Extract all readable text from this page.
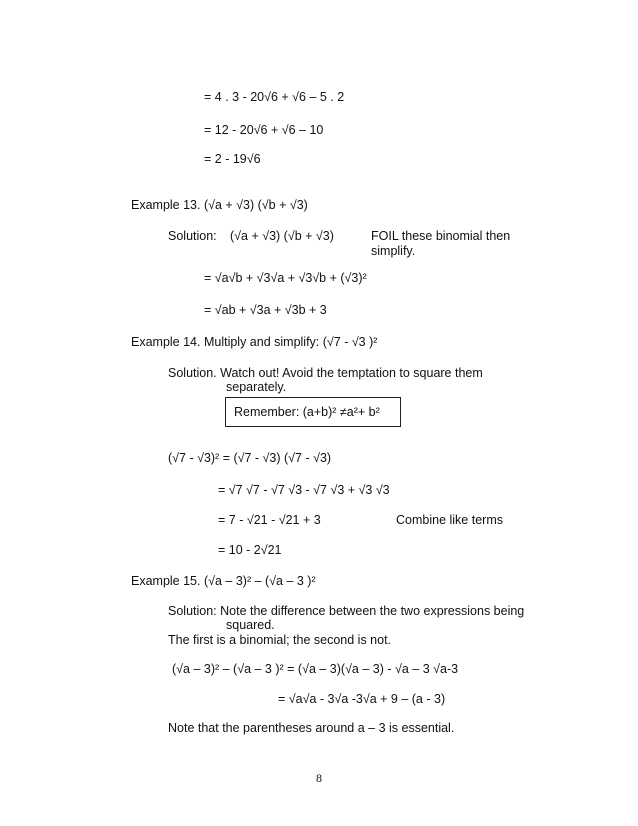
= 4 . 3 - 20√6 + √6 – 5 . 2
= 12 - 20√6 + √6 – 10
= 2 - 19√6
Example 13. (√a + √3) (√b + √3)
Solution: (√a + √3) (√b + √3)	FOIL these binomial then
simplify.
= √a√b + √3√a + √3√b + (√3)²
= √ab + √3a + √3b + 3
Example 14. Multiply and simplify: (√7 - √3 )²
Solution. Watch out! Avoid the temptation to square them
separately.
Remember: (a+b)² ≠a²+ b²
(√7 - √3)² = (√7 - √3) (√7 - √3)
= √7 √7 - √7 √3 - √7 √3 + √3 √3
= 7 - √21 - √21 + 3	Combine like terms
= 10 - 2√21
Example 15. (√a – 3)² – (√a – 3 )²
Solution: Note the difference between the two expressions being
squared.
The first is a binomial; the second is not.
(√a – 3)² – (√a – 3 )² = (√a – 3)(√a – 3) - √a – 3 √a-3
= √a√a - 3√a -3√a + 9 – (a - 3)
Note that the parentheses around a – 3 is essential.
8
